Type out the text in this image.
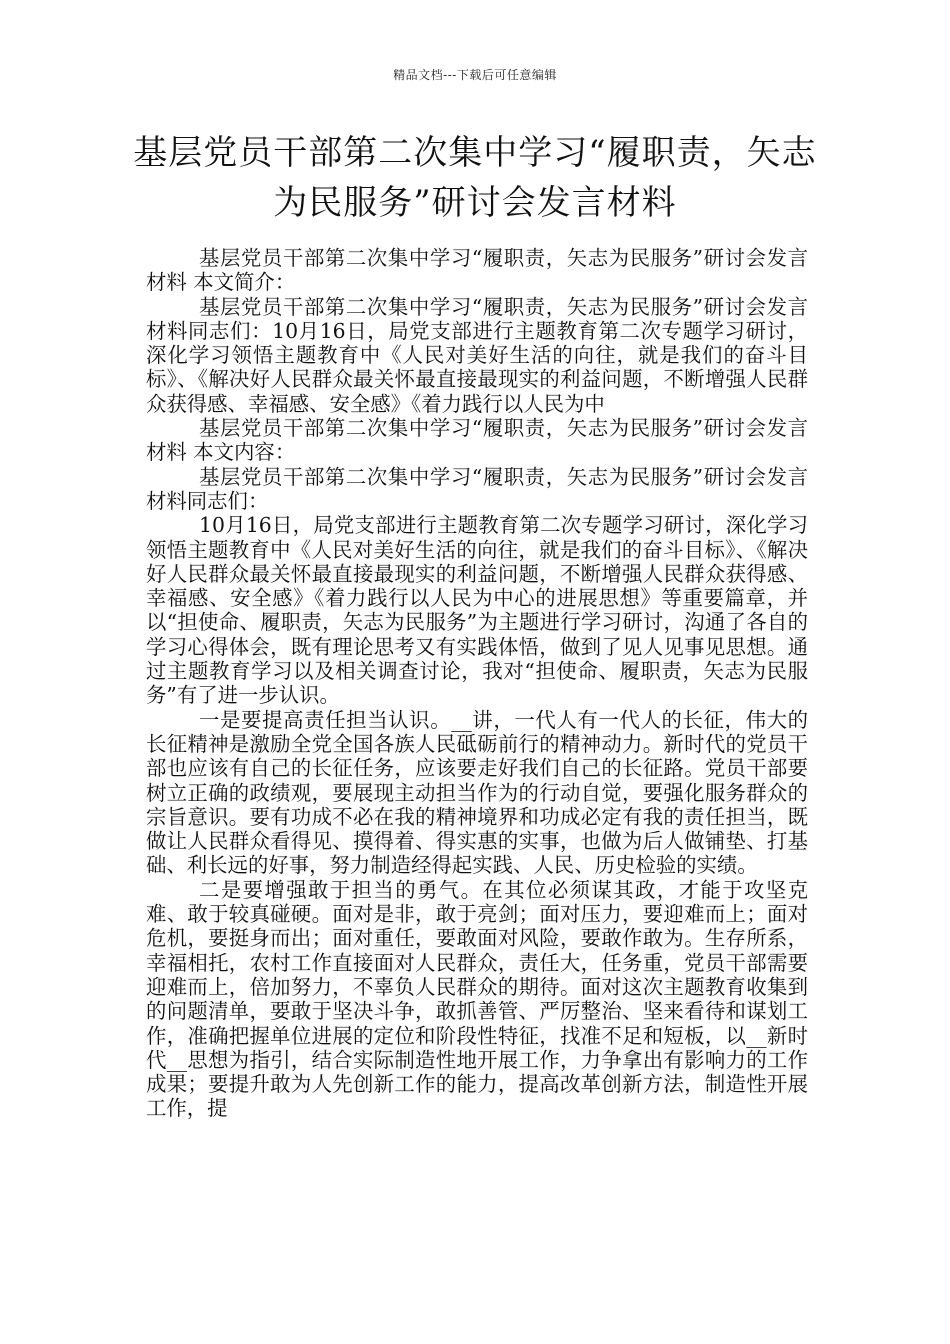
精品文档---下载后可任意编辑
基层党员干部第二次集中学习“履职责，矢志为民服务”研讨会发言材料

基层党员干部第二次集中学习“履职责，矢志为民服务”研讨会发言材料 本文简介：

基层党员干部第二次集中学习“履职责，矢志为民服务”研讨会发言材料同志们：10月16日，局党支部进行主题教育第二次专题学习研讨，深化学习领悟主题教育中《人民对美好生活的向往，就是我们的奋斗目标》、《解决好人民群众最关怀最直接最现实的利益问题，不断增强人民群众获得感、幸福感、安全感》《着力践行以人民为中

基层党员干部第二次集中学习“履职责，矢志为民服务”研讨会发言材料 本文内容：

基层党员干部第二次集中学习“履职责，矢志为民服务”研讨会发言材料同志们：

10月16日，局党支部进行主题教育第二次专题学习研讨，深化学习领悟主题教育中《人民对美好生活的向往，就是我们的奋斗目标》、《解决好人民群众最关怀最直接最现实的利益问题，不断增强人民群众获得感、幸福感、安全感》《着力践行以人民为中心的进展思想》等重要篇章，并以“担使命、履职责，矢志为民服务”为主题进行学习研讨，沟通了各自的学习心得体会，既有理论思考又有实践体悟，做到了见人见事见思想。通过主题教育学习以及相关调查讨论，我对“担使命、履职责，矢志为民服务”有了进一步认识。

一是要提高责任担当认识。__讲，一代人有一代人的长征，伟大的长征精神是激励全党全国各族人民砥砺前行的精神动力。新时代的党员干部也应该有自己的长征任务，应该要走好我们自己的长征路。党员干部要树立正确的政绩观，要展现主动担当作为的行动自觉，要强化服务群众的宗旨意识。要有功成不必在我的精神境界和功成必定有我的责任担当，既做让人民群众看得见、摸得着、得实惠的实事，也做为后人做铺垫、打基础、利长远的好事，努力制造经得起实践、人民、历史检验的实绩。

二是要增强敢于担当的勇气。在其位必须谋其政，才能于攻坚克难、敢于较真碰硬。面对是非，敢于亮剑；面对压力，要迎难而上；面对危机，要挺身而出；面对重任，要敢面对风险，要敢作敢为。生存所系，幸福相托，农村工作直接面对人民群众，责任大，任务重，党员干部需要迎难而上，倍加努力，不辜负人民群众的期待。面对这次主题教育收集到的问题清单，要敢于坚决斗争，敢抓善管、严厉整治、坚来看待和谋划工作，准确把握单位进展的定位和阶段性特征，找准不足和短板，以__新时代__思想为指引，结合实际制造性地开展工作，力争拿出有影响力的工作成果；要提升敢为人先创新工作的能力，提高改革创新方法，制造性开展工作，提
